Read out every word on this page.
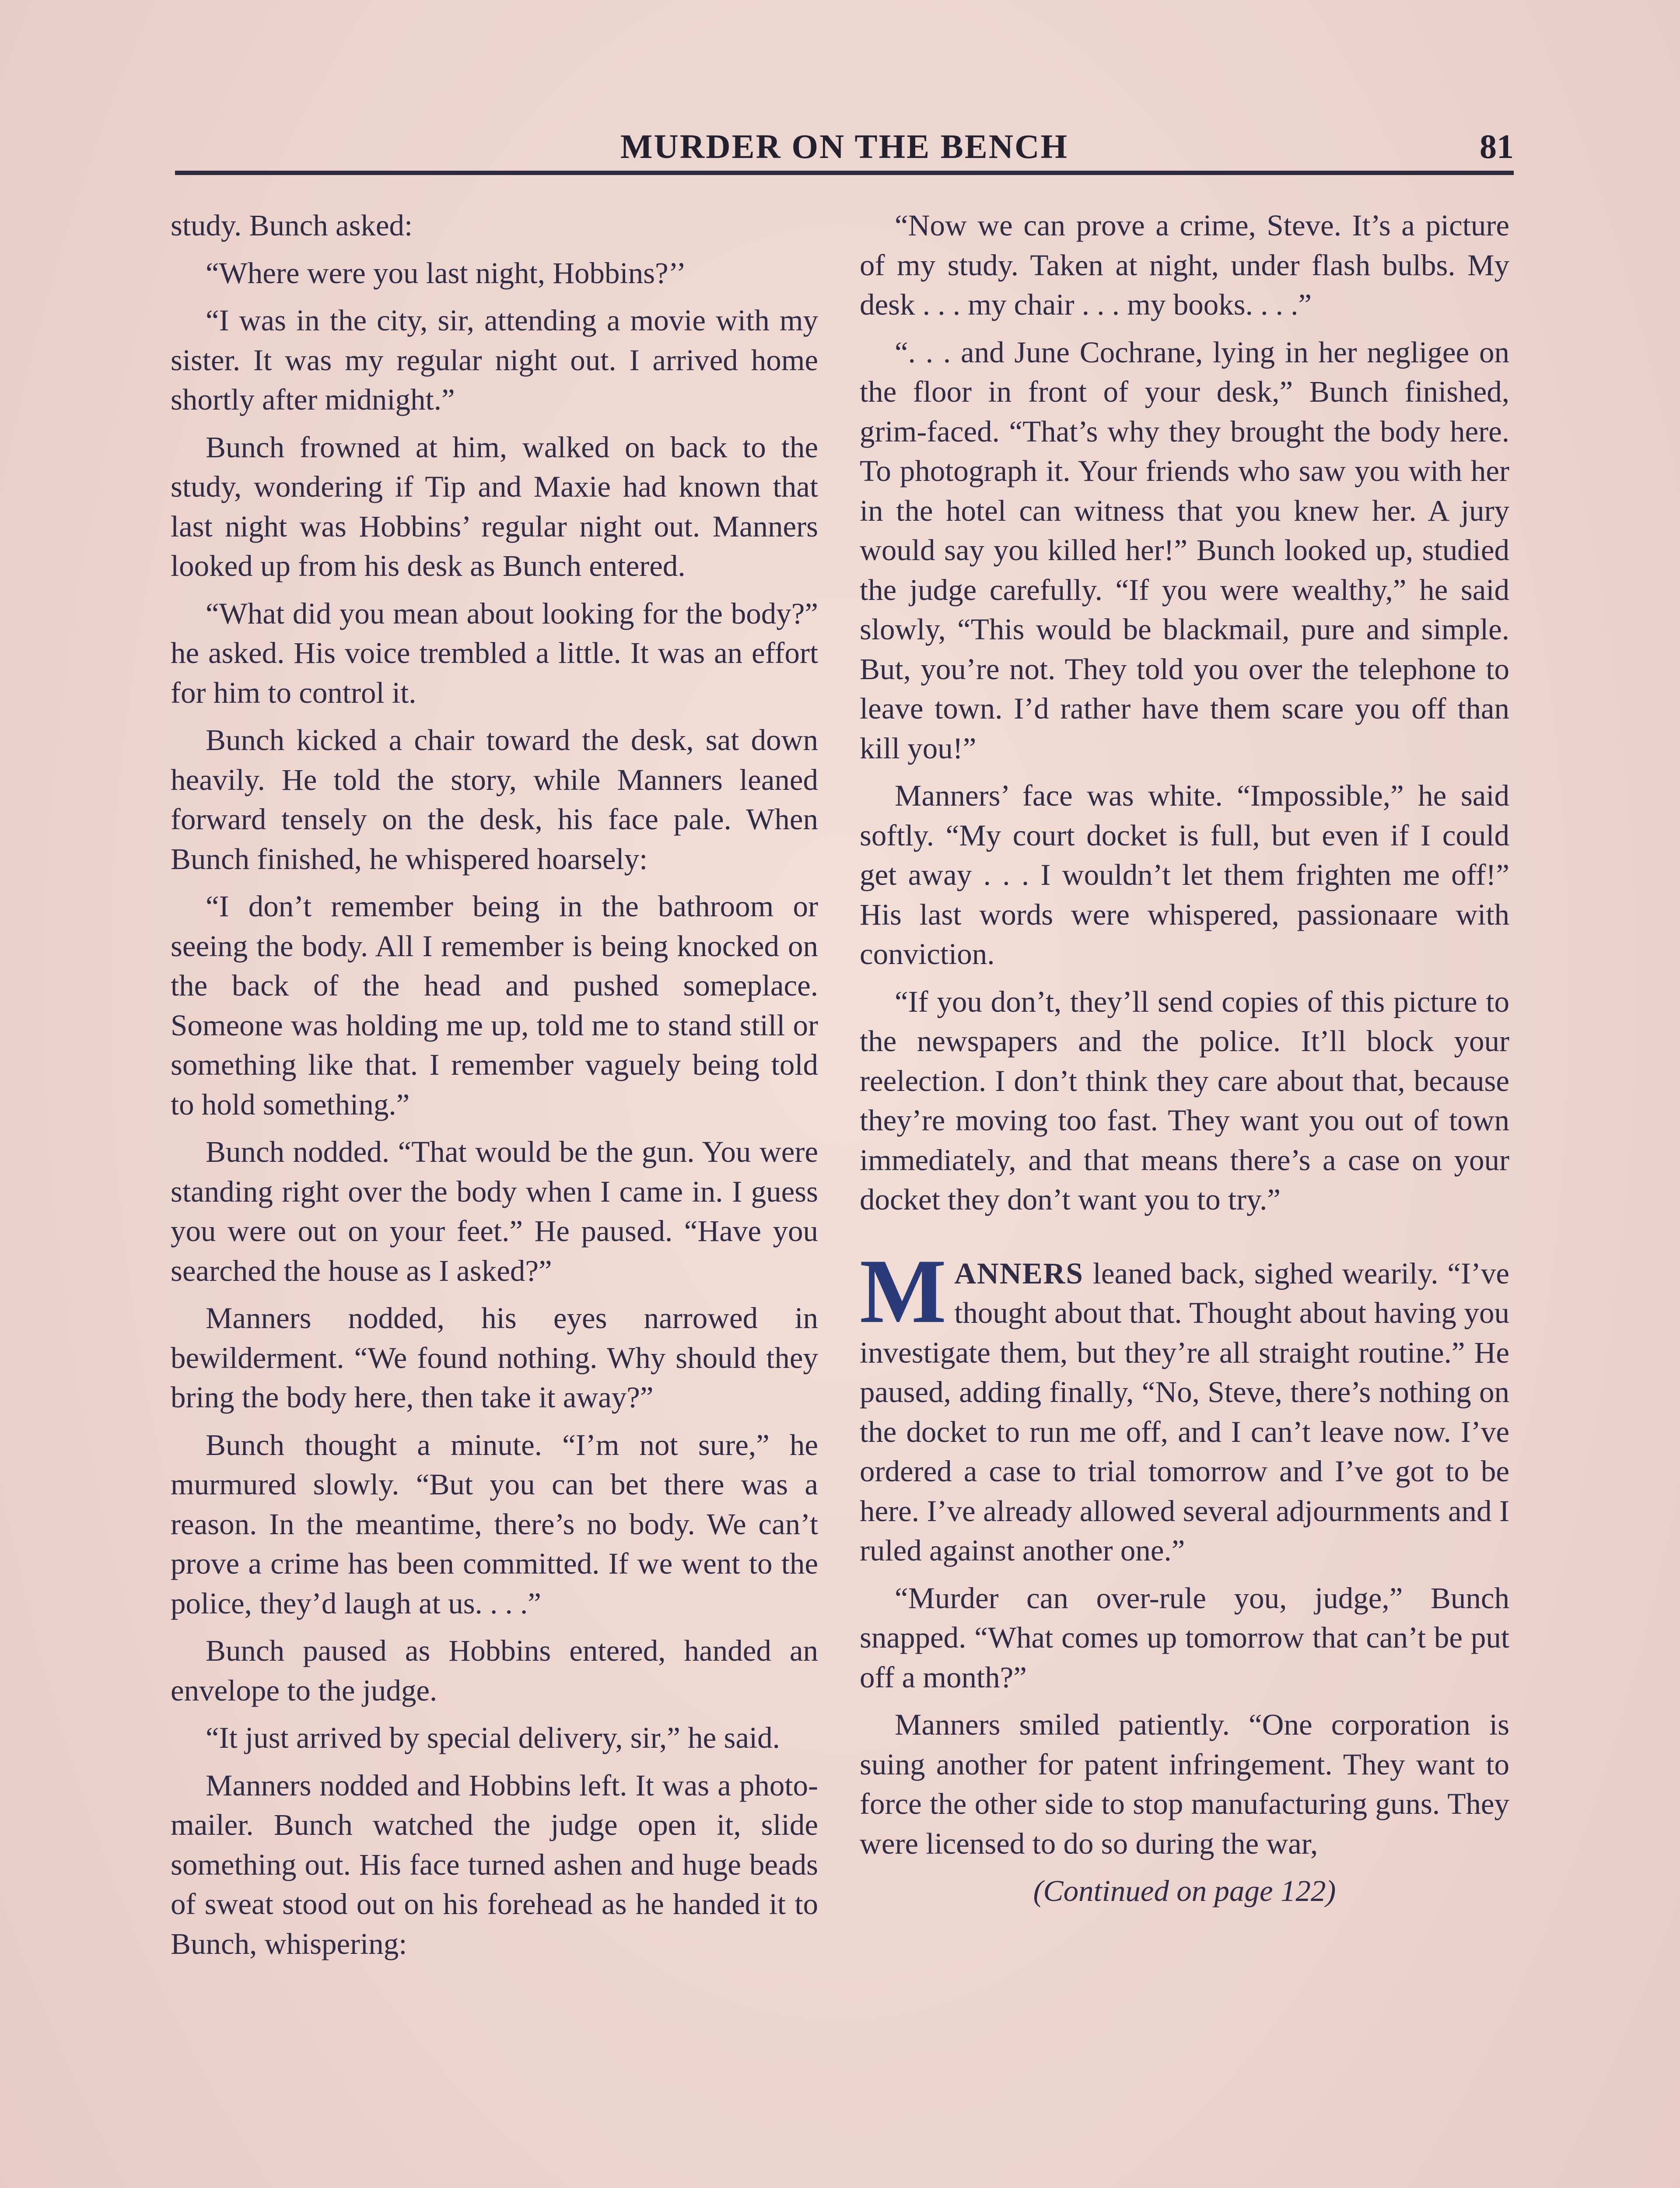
MURDER ON THE BENCH	81

study. Bunch asked:

“Where were you last night, Hobbins?’’

“I was in the city, sir, attending a movie with my sister. It was my regular night out. I arrived home shortly after midnight.”

Bunch frowned at him, walked on back to the study, wondering if Tip and Maxie had known that last night was Hobbins’ regular night out. Manners looked up from his desk as Bunch entered.

“What did you mean about looking for the body?” he asked. His voice trembled a little. It was an effort for him to control it.

Bunch kicked a chair toward the desk, sat down heavily. He told the story, while Manners leaned forward tensely on the desk, his face pale. When Bunch finished, he whispered hoarsely:

“I don’t remember being in the bathroom or seeing the body. All I remember is being knocked on the back of the head and pushed someplace. Someone was holding me up, told me to stand still or something like that. I remember vaguely being told to hold something.”

Bunch nodded. “That would be the gun. You were standing right over the body when I came in. I guess you were out on your feet.” He paused. “Have you searched the house as I asked?”

Manners nodded, his eyes narrowed in bewilderment. “We found nothing. Why should they bring the body here, then take it away?”

Bunch thought a minute. “I’m not sure,” he murmured slowly. “But you can bet there was a reason. In the meantime, there’s no body. We can’t prove a crime has been committed. If we went to the police, they’d laugh at us. . . .”

Bunch paused as Hobbins entered, handed an envelope to the judge.

“It just arrived by special delivery, sir,” he said.

Manners nodded and Hobbins left. It was a photo-mailer. Bunch watched the judge open it, slide something out. His face turned ashen and huge beads of sweat stood out on his forehead as he handed it to Bunch, whispering:

“Now we can prove a crime, Steve. It’s a picture of my study. Taken at night, under flash bulbs. My desk . . . my chair . . . my books. . . .”

“. . . and June Cochrane, lying in her negligee on the floor in front of your desk,” Bunch finished, grim-faced. “That’s why they brought the body here. To photograph it. Your friends who saw you with her in the hotel can witness that you knew her. A jury would say you killed her!” Bunch looked up, studied the judge carefully. “If you were wealthy,” he said slowly, “This would be blackmail, pure and simple. But, you’re not. They told you over the telephone to leave town. I’d rather have them scare you off than kill you!”

Manners’ face was white. “Impossible,” he said softly. “My court docket is full, but even if I could get away . . . I wouldn’t let them frighten me off!” His last words were whispered, passionaare with conviction.

“If you don’t, they’ll send copies of this picture to the newspapers and the police. It’ll block your reelection. I don’t think they care about that, because they’re moving too fast. They want you out of town immediately, and that means there’s a case on your docket they don’t want you to try.”

MANNERS leaned back, sighed wearily. “I’ve thought about that. Thought about having you investigate them, but they’re all straight routine.” He paused, adding finally, “No, Steve, there’s nothing on the docket to run me off, and I can’t leave now. I’ve ordered a case to trial tomorrow and I’ve got to be here. I’ve already allowed several adjournments and I ruled against another one.”

“Murder can over-rule you, judge,” Bunch snapped. “What comes up tomorrow that can’t be put off a month?”

Manners smiled patiently. “One corporation is suing another for patent infringement. They want to force the other side to stop manufacturing guns. They were licensed to do so during the war,

(Continued on page 122)
